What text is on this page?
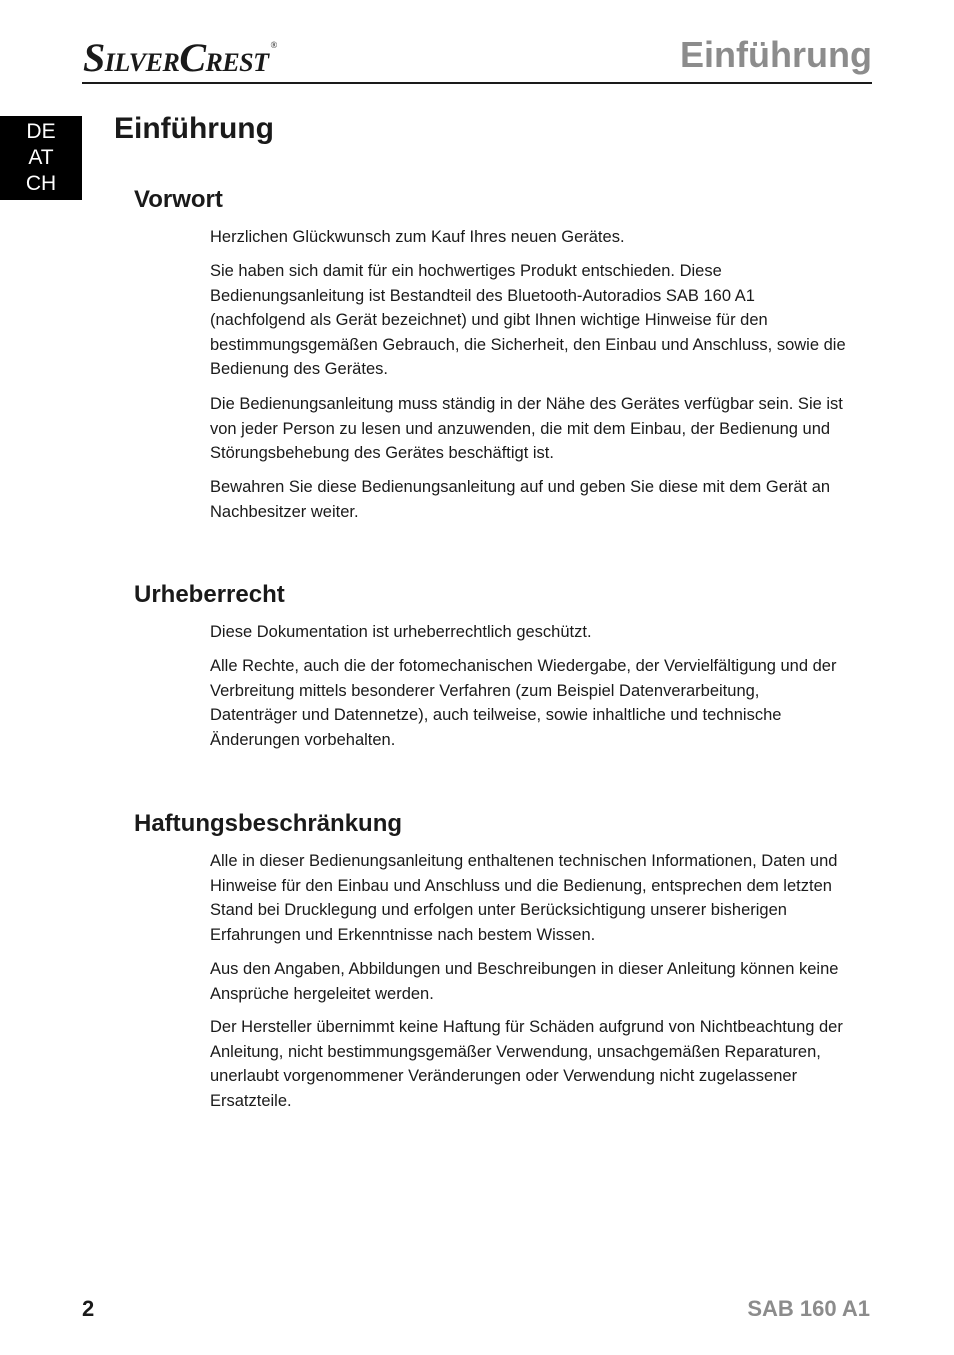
SILVERCREST®	Einführung
DE
AT
CH
Einführung
Vorwort

Herzlichen Glückwunsch zum Kauf Ihres neuen Gerätes.

Sie haben sich damit für ein hochwertiges Produkt entschieden. Diese Bedienungsanleitung ist Bestandteil des Bluetooth-Autoradios SAB 160 A1 (nachfolgend als Gerät bezeichnet) und gibt Ihnen wichtige Hinweise für den bestimmungsgemäßen Gebrauch, die Sicherheit, den Einbau und Anschluss, sowie die Bedienung des Gerätes.

Die Bedienungsanleitung muss ständig in der Nähe des Gerätes verfügbar sein. Sie ist von jeder Person zu lesen und anzuwenden, die mit dem Einbau, der Bedienung und Störungsbehebung des Gerätes beschäftigt ist.

Bewahren Sie diese Bedienungsanleitung auf und geben Sie diese mit dem Gerät an Nachbesitzer weiter.

Urheberrecht

Diese Dokumentation ist urheberrechtlich geschützt.

Alle Rechte, auch die der fotomechanischen Wiedergabe, der Vervielfältigung und der Verbreitung mittels besonderer Verfahren (zum Beispiel Datenverarbeitung, Datenträger und Datennetze), auch teilweise, sowie inhaltliche und technische Änderungen vorbehalten.

Haftungsbeschränkung

Alle in dieser Bedienungsanleitung enthaltenen technischen Informationen, Daten und Hinweise für den Einbau und Anschluss und die Bedienung, entsprechen dem letzten Stand bei Drucklegung und erfolgen unter Berücksichtigung unserer bisherigen Erfahrungen und Erkenntnisse nach bestem Wissen.

Aus den Angaben, Abbildungen und Beschreibungen in dieser Anleitung können keine Ansprüche hergeleitet werden.

Der Hersteller übernimmt keine Haftung für Schäden aufgrund von Nichtbeachtung der Anleitung, nicht bestimmungsgemäßer Verwendung, unsachgemäßen Reparaturen, unerlaubt vorgenommener Veränderungen oder Verwendung nicht zugelassener Ersatzteile.

2	SAB 160 A1
